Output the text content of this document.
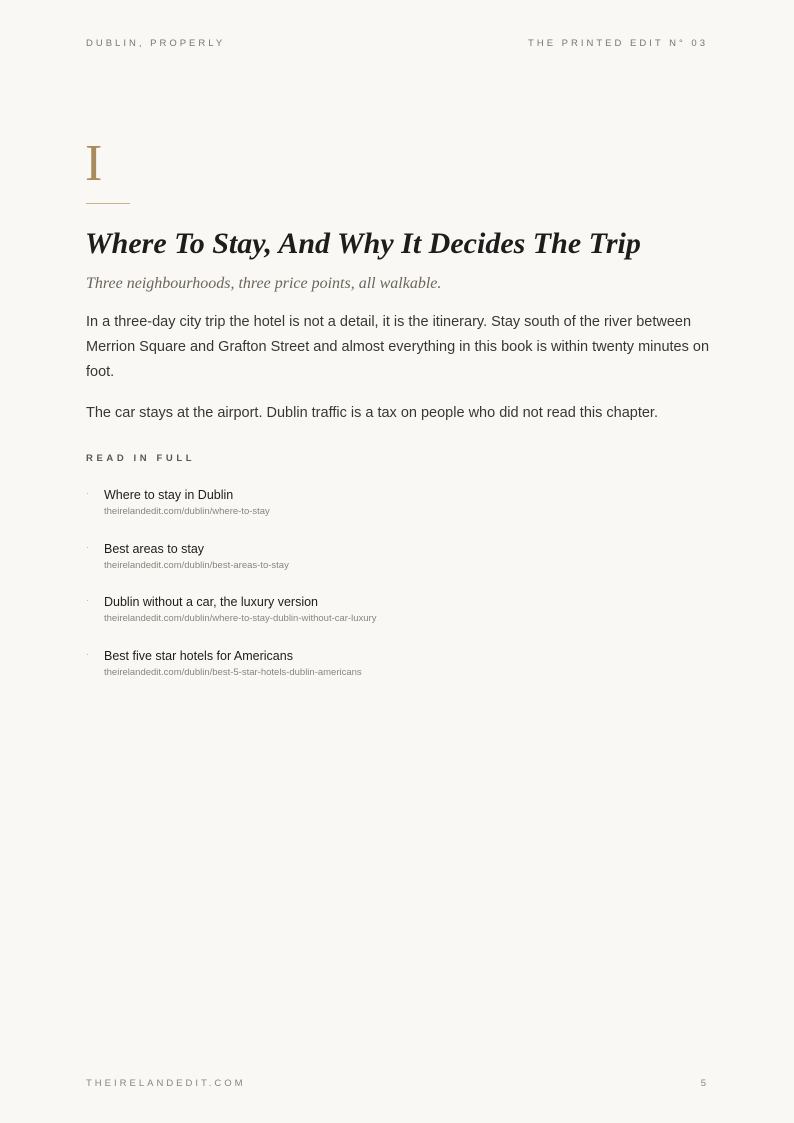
DUBLIN, PROPERLY	THE PRINTED EDIT N° 03
I
Where To Stay, And Why It Decides The Trip

Three neighbourhoods, three price points, all walkable.

In a three-day city trip the hotel is not a detail, it is the itinerary. Stay south of the river between Merrion Square and Grafton Street and almost everything in this book is within twenty minutes on foot.

The car stays at the airport. Dublin traffic is a tax on people who did not read this chapter.

READ IN FULL
· Where to stay in Dublin
theirelandedit.com/dublin/where-to-stay
· Best areas to stay
theirelandedit.com/dublin/best-areas-to-stay
· Dublin without a car, the luxury version
theirelandedit.com/dublin/where-to-stay-dublin-without-car-luxury
· Best five star hotels for Americans
theirelandedit.com/dublin/best-5-star-hotels-dublin-americans
THEIRELANDEDIT.COM	5
